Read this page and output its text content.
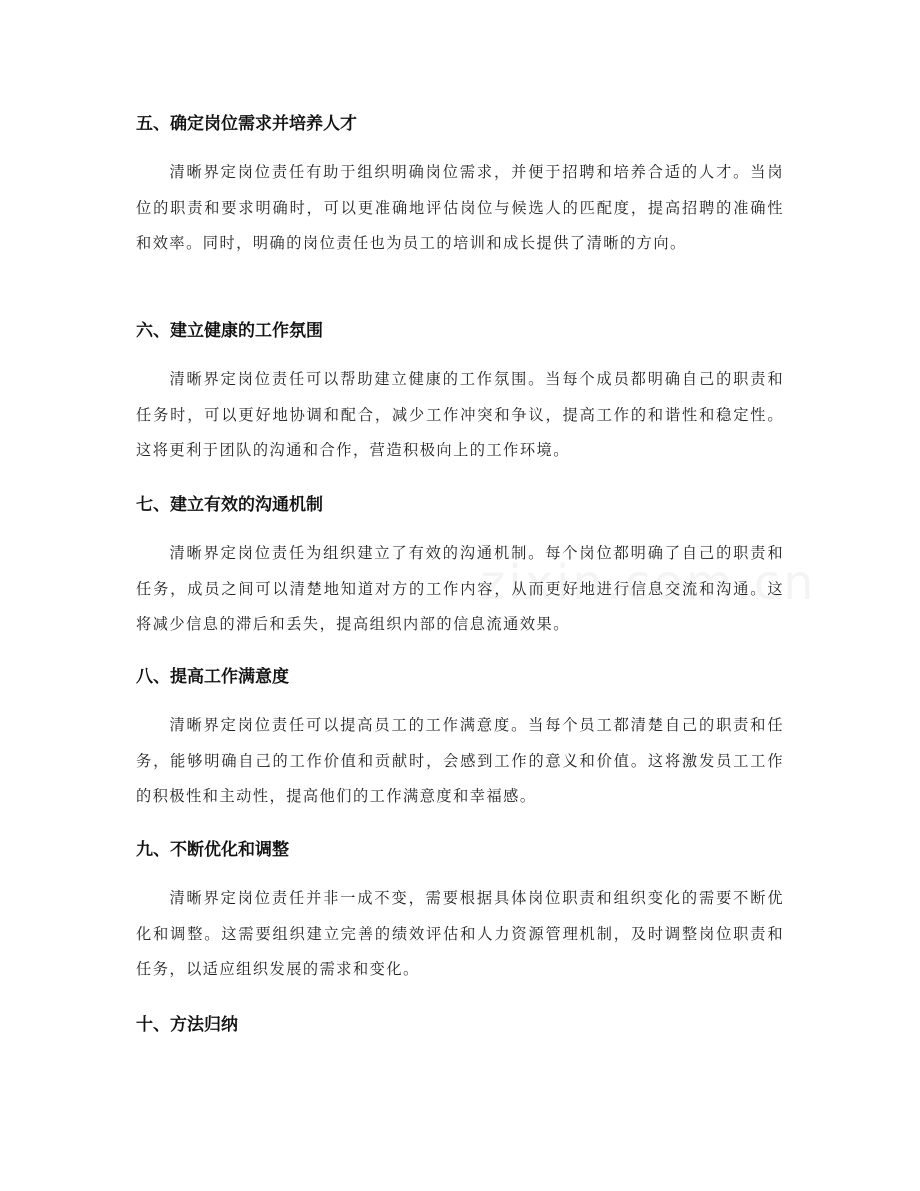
五、确定岗位需求并培养人才

清晰界定岗位责任有助于组织明确岗位需求，并便于招聘和培养合适的人才。当岗位的职责和要求明确时，可以更准确地评估岗位与候选人的匹配度，提高招聘的准确性和效率。同时，明确的岗位责任也为员工的培训和成长提供了清晰的方向。

六、建立健康的工作氛围

清晰界定岗位责任可以帮助建立健康的工作氛围。当每个成员都明确自己的职责和任务时，可以更好地协调和配合，减少工作冲突和争议，提高工作的和谐性和稳定性。这将更利于团队的沟通和合作，营造积极向上的工作环境。

七、建立有效的沟通机制

清晰界定岗位责任为组织建立了有效的沟通机制。每个岗位都明确了自己的职责和任务，成员之间可以清楚地知道对方的工作内容，从而更好地进行信息交流和沟通。这将减少信息的滞后和丢失，提高组织内部的信息流通效果。

八、提高工作满意度

清晰界定岗位责任可以提高员工的工作满意度。当每个员工都清楚自己的职责和任务，能够明确自己的工作价值和贡献时，会感到工作的意义和价值。这将激发员工工作的积极性和主动性，提高他们的工作满意度和幸福感。

九、不断优化和调整

清晰界定岗位责任并非一成不变，需要根据具体岗位职责和组织变化的需要不断优化和调整。这需要组织建立完善的绩效评估和人力资源管理机制，及时调整岗位职责和任务，以适应组织发展的需求和变化。

十、方法归纳
